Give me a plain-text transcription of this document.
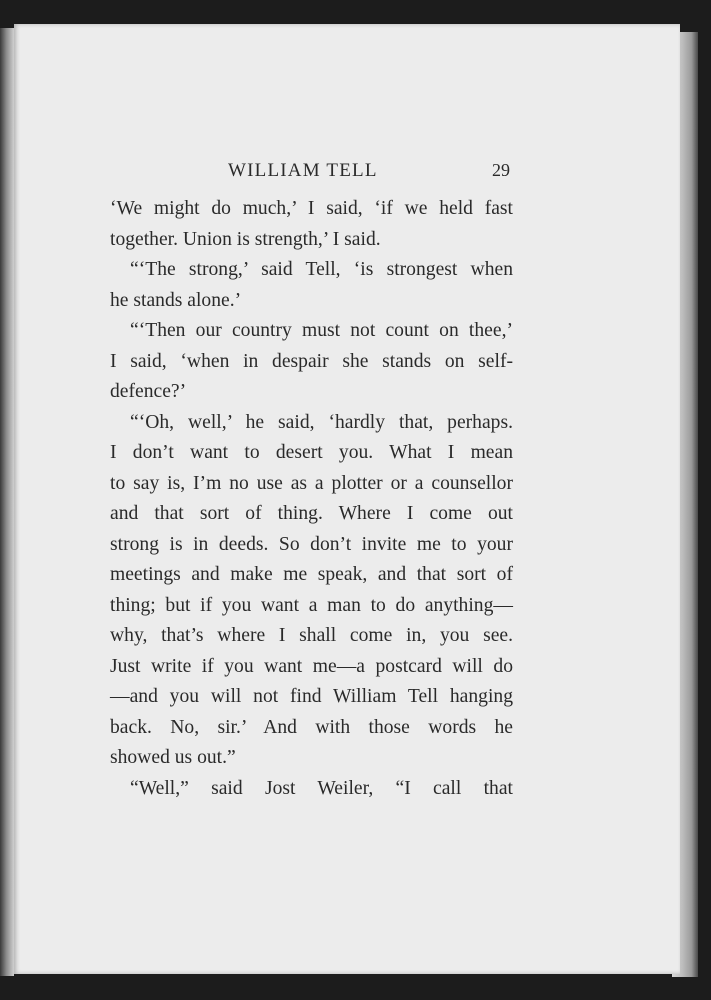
WILLIAM TELL	29
‘We might do much,’ I said, ‘if we held fast
together. Union is strength,’ I said.
“‘The strong,’ said Tell, ‘is strongest when
he stands alone.’
“‘Then our country must not count on thee,’
I said, ‘when in despair she stands on self-
defence?’
“‘Oh, well,’ he said, ‘hardly that, perhaps.
I don’t want to desert you. What I mean
to say is, I’m no use as a plotter or a counsellor
and that sort of thing. Where I come out
strong is in deeds. So don’t invite me to your
meetings and make me speak, and that sort of
thing; but if you want a man to do anything—
why, that’s where I shall come in, you see.
Just write if you want me—a postcard will do
—and you will not find William Tell hanging
back. No, sir.’ And with those words he
showed us out.”
“Well,” said Jost Weiler, “I call that
